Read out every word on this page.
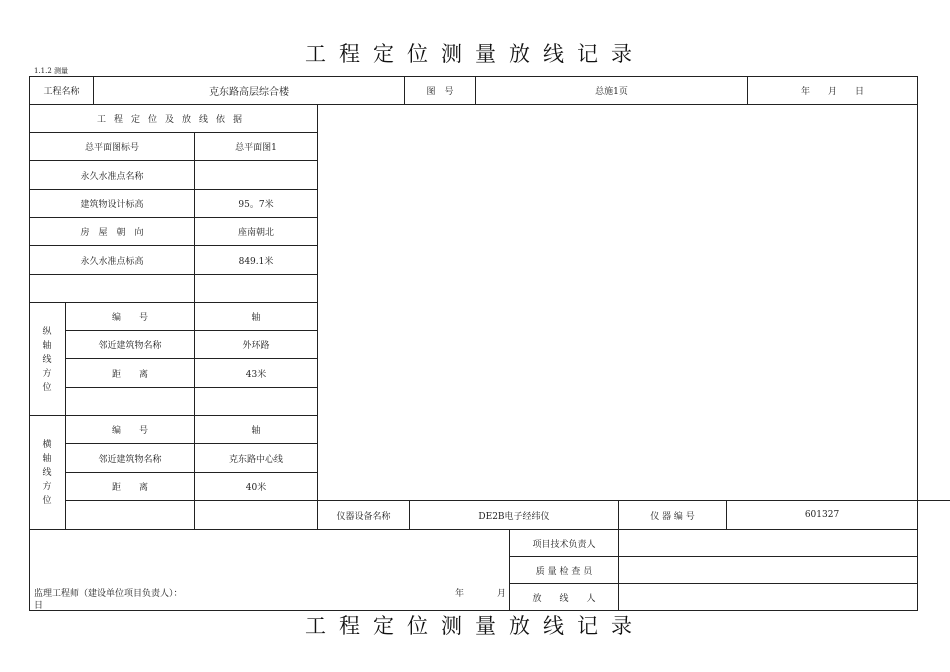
工程定位测量放线记录
1.1.2 测量
工程名称	克东路高层综合楼	图　号	总施1页	年　　月　　日
工程定位及放线依据
总平面图标号	总平面图1
永久水准点名称
建筑物设计标高	95。7米
房　屋　朝　向	座南朝北
永久水准点标高	849.1米
纵轴线方位
编　　号	轴
邻近建筑物名称	外环路
距　　离	43米
横轴线方位
编　　号	轴
邻近建筑物名称	克东路中心线
距　　离	40米
仪器设备名称	DE2B电子经纬仪	仪 器 编 号	601327
项目技术负责人
质 量 检 查 员
放　　线　　人
监理工程师（建设单位项目负责人）：	年	月
日
工程定位测量放线记录
